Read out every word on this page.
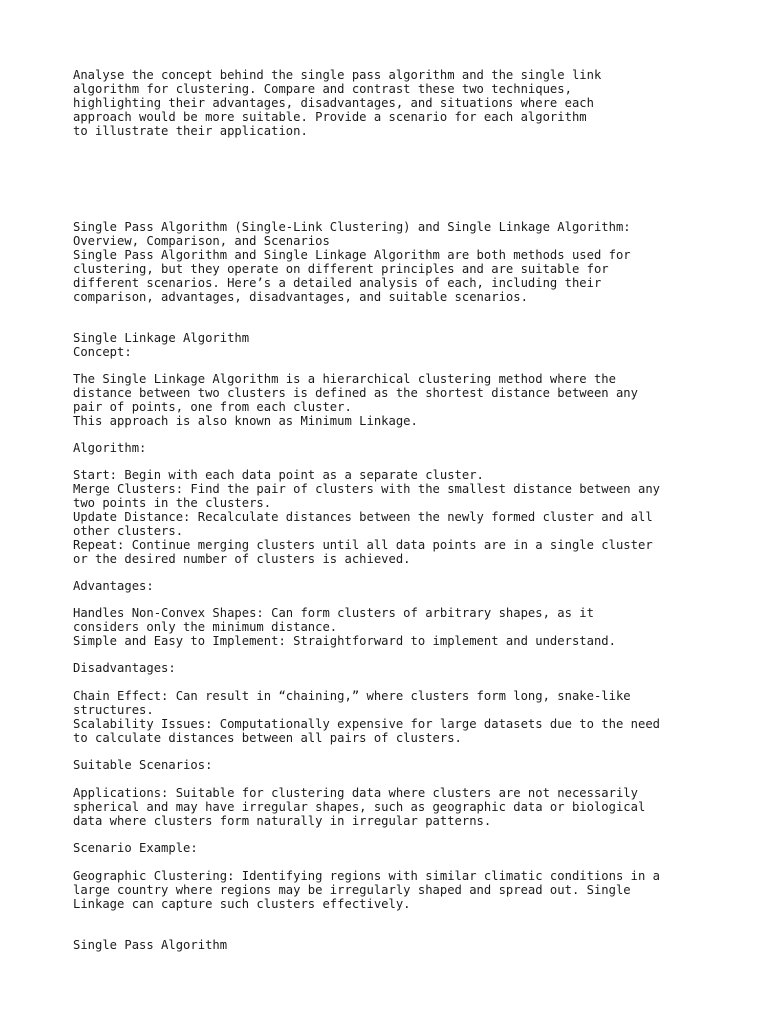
Analyse the concept behind the single pass algorithm and the single link

algorithm for clustering. Compare and contrast these two techniques,

highlighting their advantages, disadvantages, and situations where each

approach would be more suitable. Provide a scenario for each algorithm

to illustrate their application.

Single Pass Algorithm (Single-Link Clustering) and Single Linkage Algorithm:

Overview, Comparison, and Scenarios

Single Pass Algorithm and Single Linkage Algorithm are both methods used for

clustering, but they operate on different principles and are suitable for

different scenarios. Here’s a detailed analysis of each, including their

comparison, advantages, disadvantages, and suitable scenarios.

Single Linkage Algorithm

Concept:

The Single Linkage Algorithm is a hierarchical clustering method where the

distance between two clusters is defined as the shortest distance between any

pair of points, one from each cluster.

This approach is also known as Minimum Linkage.

Algorithm:

Start: Begin with each data point as a separate cluster.

Merge Clusters: Find the pair of clusters with the smallest distance between any

two points in the clusters.

Update Distance: Recalculate distances between the newly formed cluster and all

other clusters.

Repeat: Continue merging clusters until all data points are in a single cluster

or the desired number of clusters is achieved.

Advantages:

Handles Non-Convex Shapes: Can form clusters of arbitrary shapes, as it

considers only the minimum distance.

Simple and Easy to Implement: Straightforward to implement and understand.

Disadvantages:

Chain Effect: Can result in “chaining,” where clusters form long, snake-like

structures.

Scalability Issues: Computationally expensive for large datasets due to the need

to calculate distances between all pairs of clusters.

Suitable Scenarios:

Applications: Suitable for clustering data where clusters are not necessarily

spherical and may have irregular shapes, such as geographic data or biological

data where clusters form naturally in irregular patterns.

Scenario Example:

Geographic Clustering: Identifying regions with similar climatic conditions in a

large country where regions may be irregularly shaped and spread out. Single

Linkage can capture such clusters effectively.

Single Pass Algorithm
